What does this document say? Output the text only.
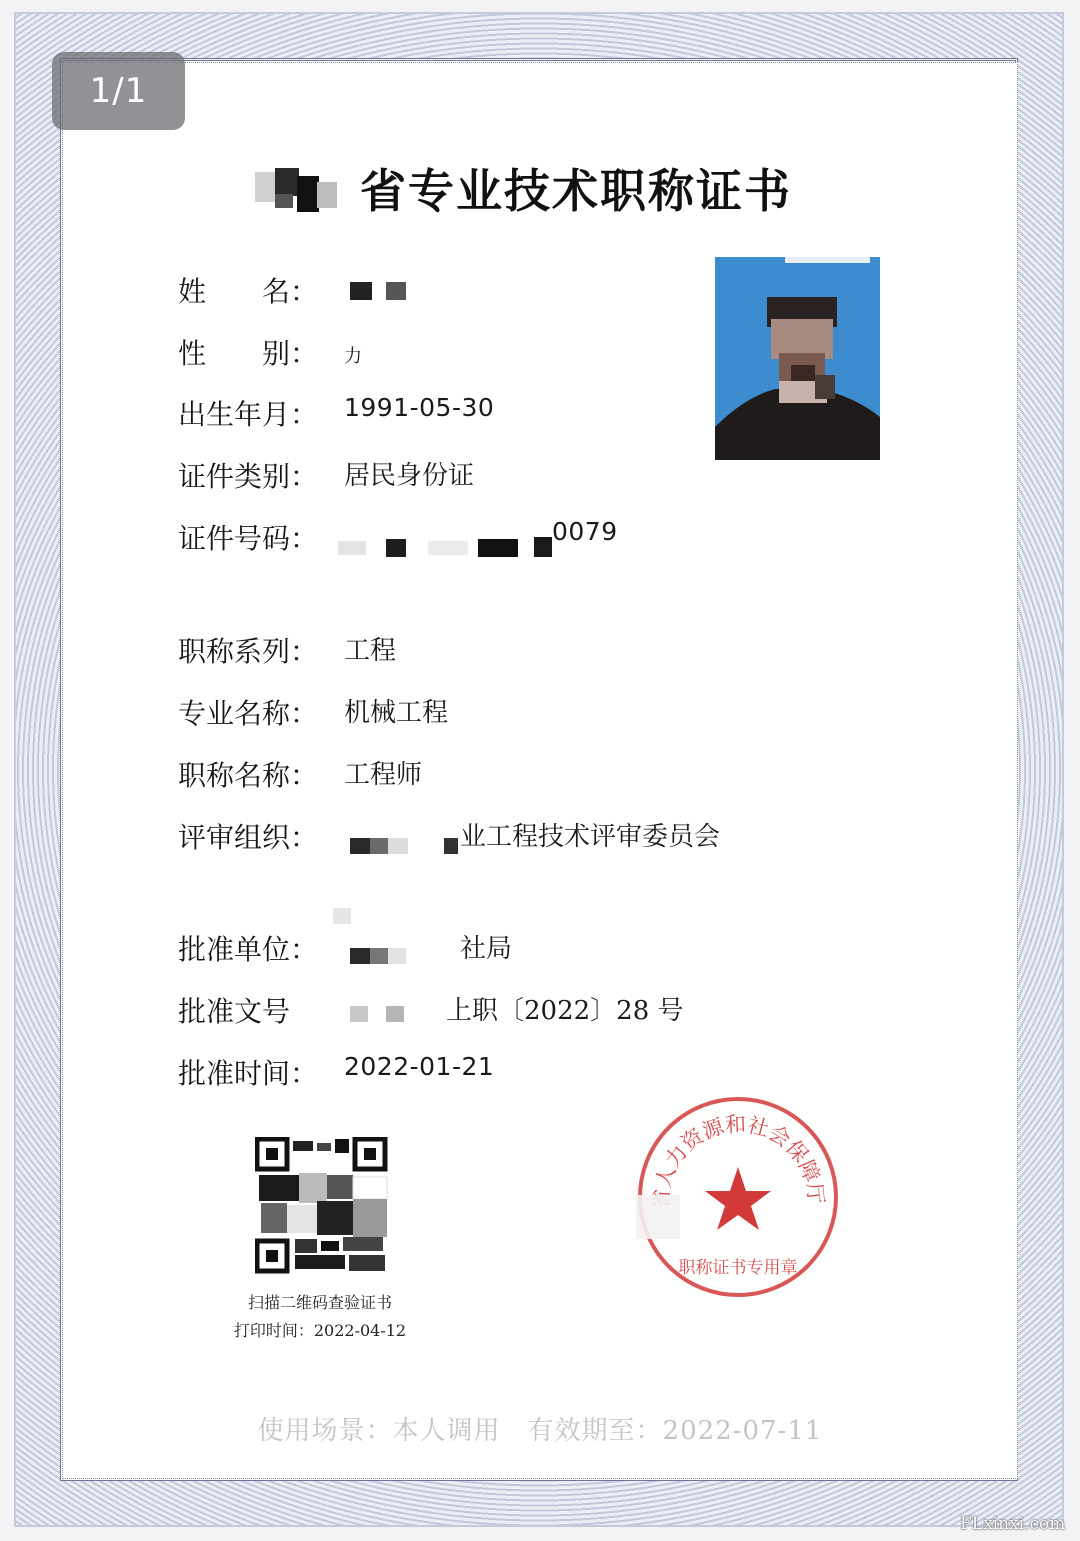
1/1
省专业技术职称证书
姓　　名：
性　　别： 力
出生年月： 1991-05-30
证件类别： 居民身份证
证件号码：	0079
职称系列： 工程
专业名称： 机械工程
职称名称： 工程师
评审组织：	业工程技术评审委员会
批准单位：	社局
批准文号	上职〔2022〕28 号
批准时间： 2022-01-21
扫描二维码查验证书
打印时间：2022-04-12
人力资源和社会保障厅
职称证书专用章
使用场景：本人调用　有效期至：2022-07-11
FLxinxi.com
